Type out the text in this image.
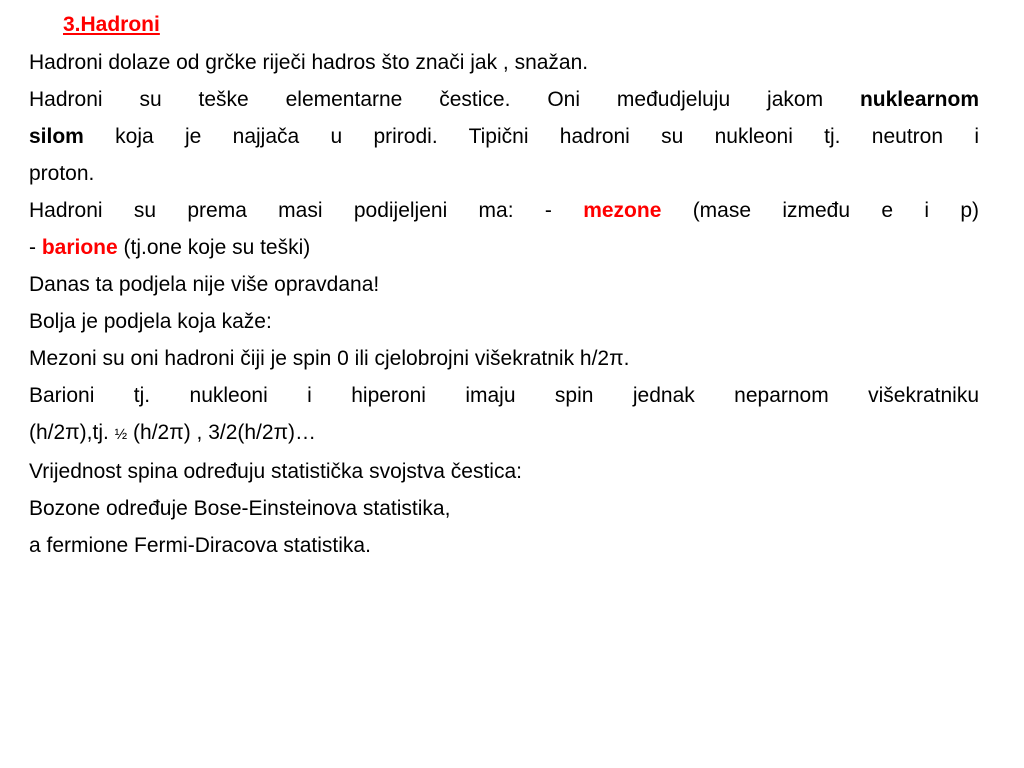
3.Hadroni
Hadroni dolaze od grčke riječi hadros što znači jak , snažan.
Hadroni su teške elementarne čestice. Oni međudjeluju jakom nuklearnom
silom koja je najjača u prirodi. Tipični hadroni su nukleoni tj. neutron i
proton.
Hadroni su prema masi podijeljeni ma: - mezone (mase između e i p)
- barione (tj.one koje su teški)
Danas ta podjela nije više opravdana!
Bolja je podjela koja kaže:
Mezoni su oni hadroni čiji je spin 0 ili cjelobrojni višekratnik h/2π.
Barioni tj. nukleoni i hiperoni imaju spin jednak neparnom višekratniku
(h/2π),tj. ½ (h/2π) , 3/2(h/2π)…
Vrijednost spina određuju statistička svojstva čestica:
Bozone određuje Bose-Einsteinova statistika,
a fermione Fermi-Diracova statistika.
